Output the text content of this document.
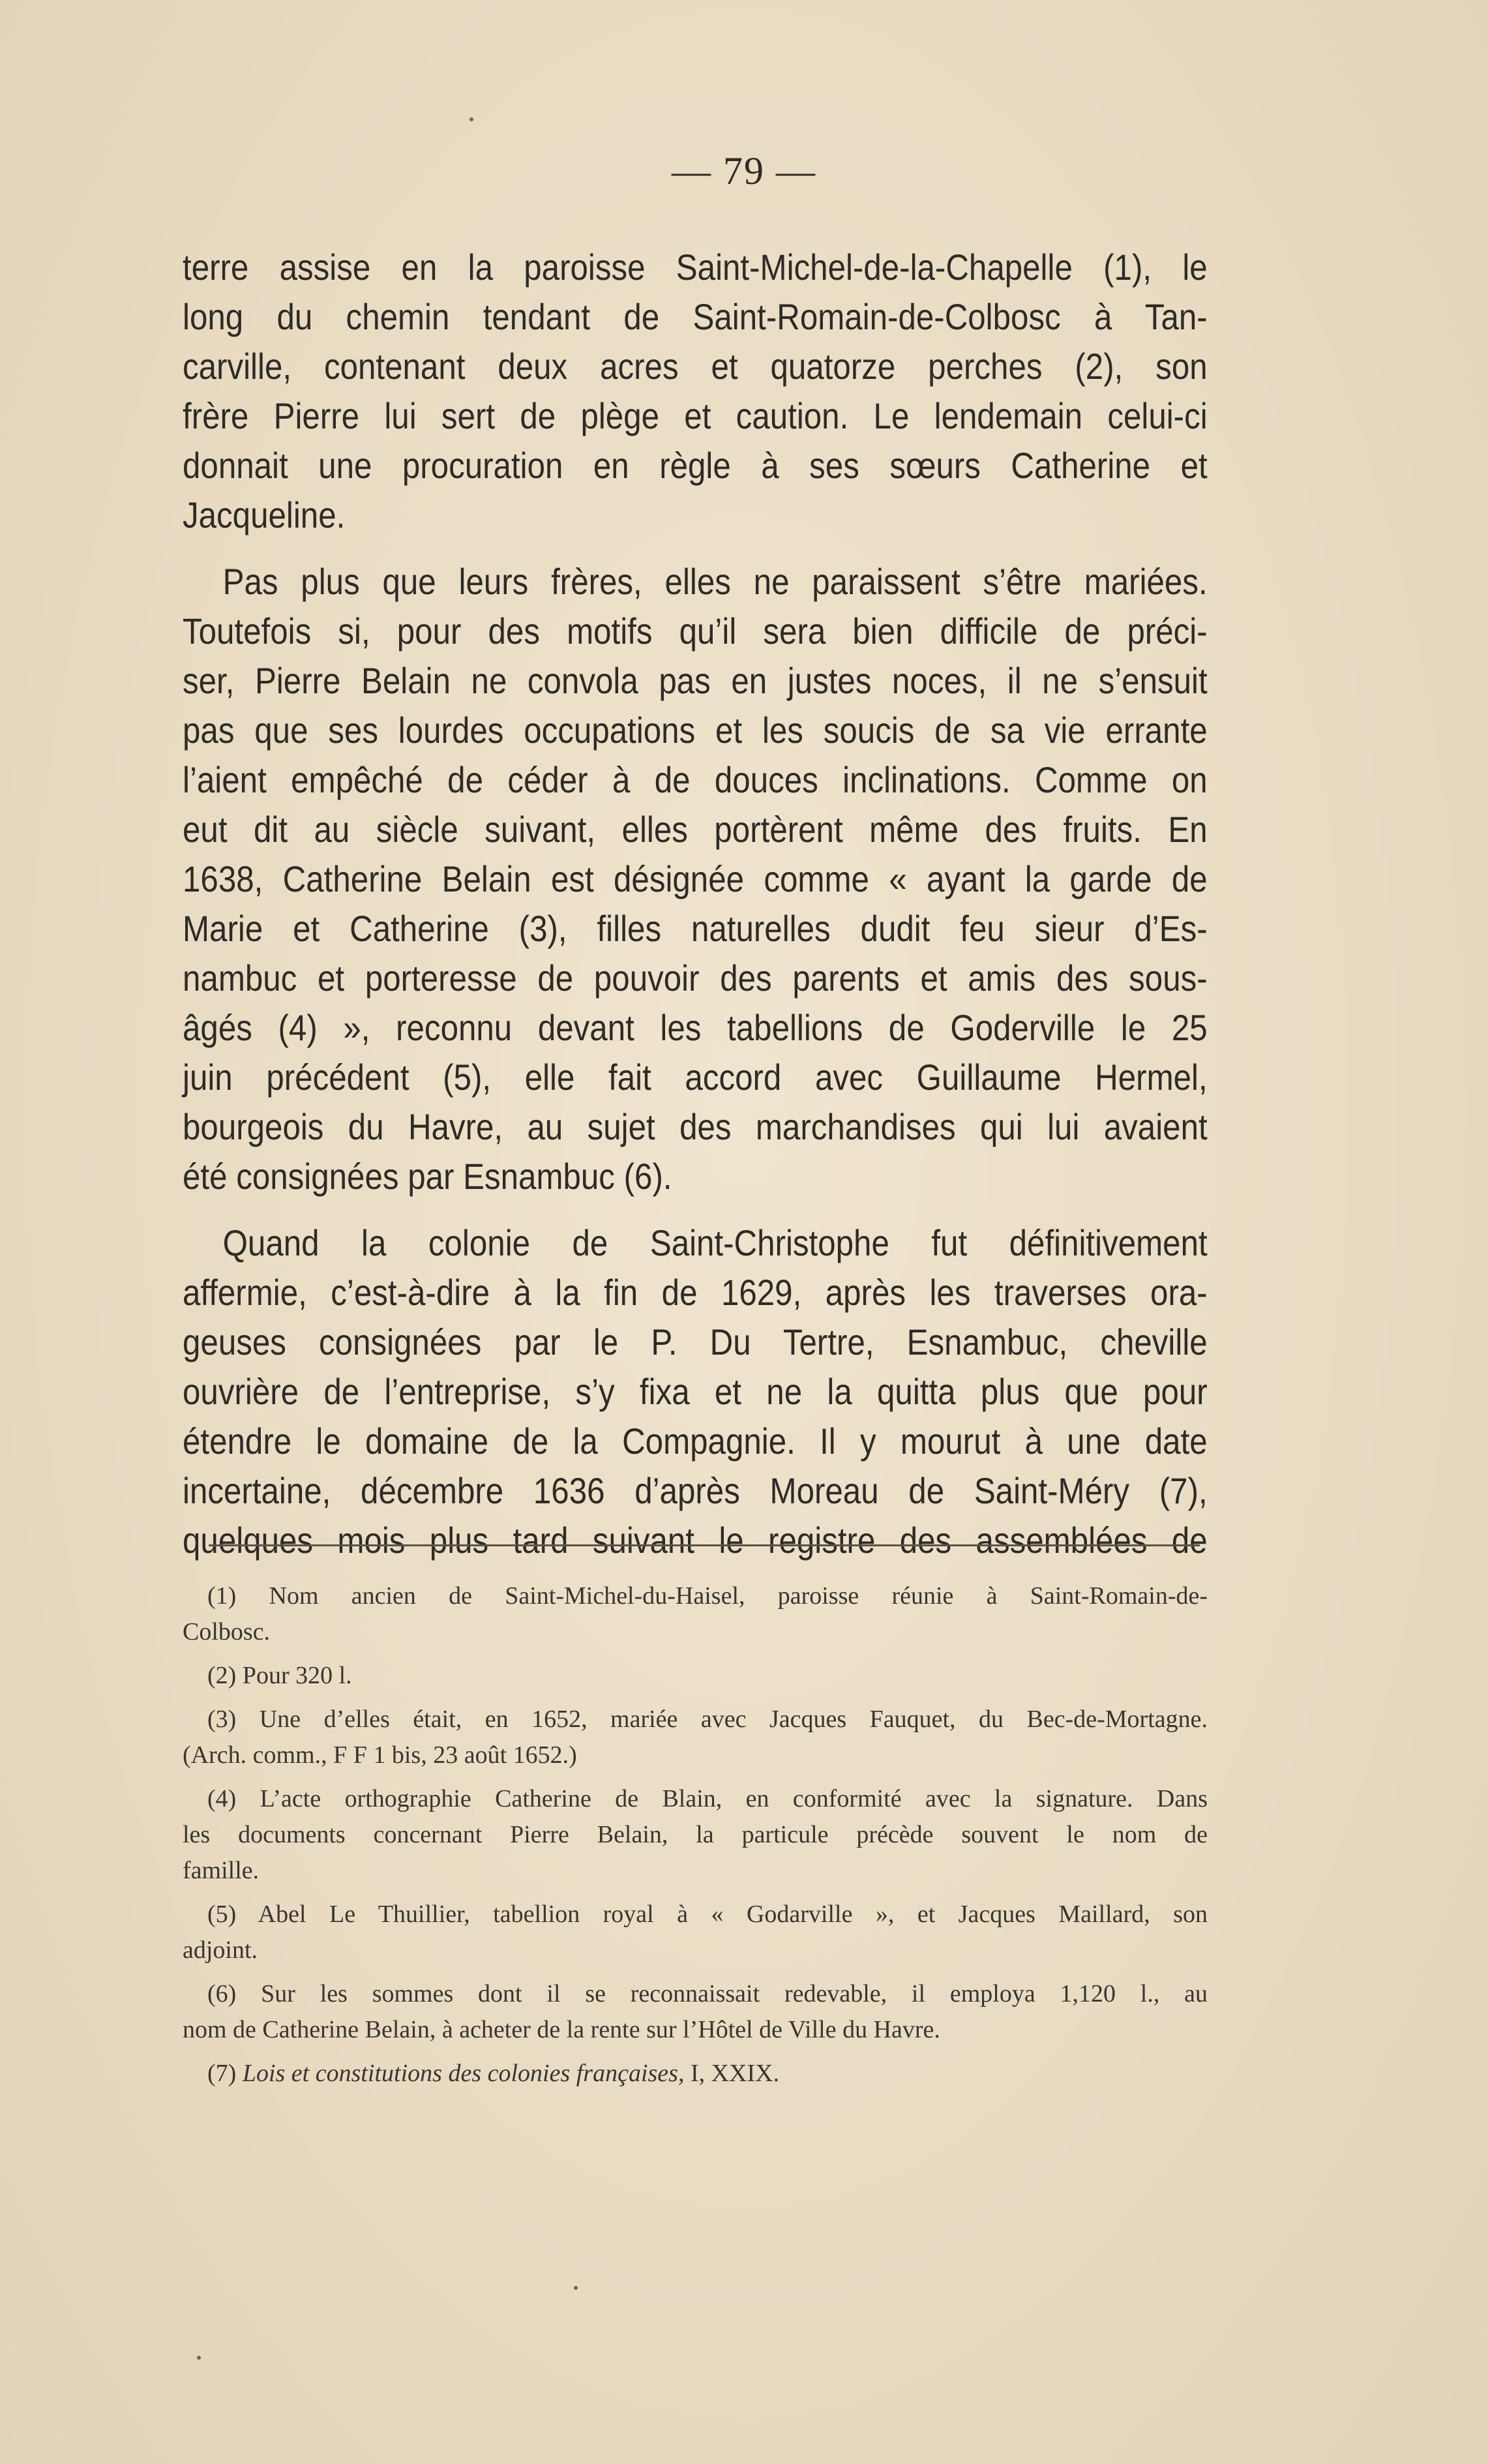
— 79 —
terre assise en la paroisse Saint-Michel-de-la-Chapelle (1), le
long du chemin tendant de Saint-Romain-de-Colbosc à Tan-
carville, contenant deux acres et quatorze perches (2), son
frère Pierre lui sert de plège et caution. Le lendemain celui-ci
donnait une procuration en règle à ses sœurs Catherine et
Jacqueline.
Pas plus que leurs frères, elles ne paraissent s’être mariées.
Toutefois si, pour des motifs qu’il sera bien difficile de préci-
ser, Pierre Belain ne convola pas en justes noces, il ne s’ensuit
pas que ses lourdes occupations et les soucis de sa vie errante
l’aient empêché de céder à de douces inclinations. Comme on
eut dit au siècle suivant, elles portèrent même des fruits. En
1638, Catherine Belain est désignée comme « ayant la garde de
Marie et Catherine (3), filles naturelles dudit feu sieur d’Es-
nambuc et porteresse de pouvoir des parents et amis des sous-
âgés (4) », reconnu devant les tabellions de Goderville le 25
juin précédent (5), elle fait accord avec Guillaume Hermel,
bourgeois du Havre, au sujet des marchandises qui lui avaient
été consignées par Esnambuc (6).
Quand la colonie de Saint-Christophe fut définitivement
affermie, c’est-à-dire à la fin de 1629, après les traverses ora-
geuses consignées par le P. Du Tertre, Esnambuc, cheville
ouvrière de l’entreprise, s’y fixa et ne la quitta plus que pour
étendre le domaine de la Compagnie. Il y mourut à une date
incertaine, décembre 1636 d’après Moreau de Saint-Méry (7),
quelques mois plus tard suivant le registre des assemblées de
(1) Nom ancien de Saint-Michel-du-Haisel, paroisse réunie à Saint-Romain-de-
Colbosc.
(2) Pour 320 l.
(3) Une d’elles était, en 1652, mariée avec Jacques Fauquet, du Bec-de-Mortagne.
(Arch. comm., F F 1 bis, 23 août 1652.)
(4) L’acte orthographie Catherine de Blain, en conformité avec la signature. Dans
les documents concernant Pierre Belain, la particule précède souvent le nom de
famille.
(5) Abel Le Thuillier, tabellion royal à « Godarville », et Jacques Maillard, son
adjoint.
(6) Sur les sommes dont il se reconnaissait redevable, il employa 1,120 l., au
nom de Catherine Belain, à acheter de la rente sur l’Hôtel de Ville du Havre.
(7) Lois et constitutions des colonies françaises, I, XXIX.
